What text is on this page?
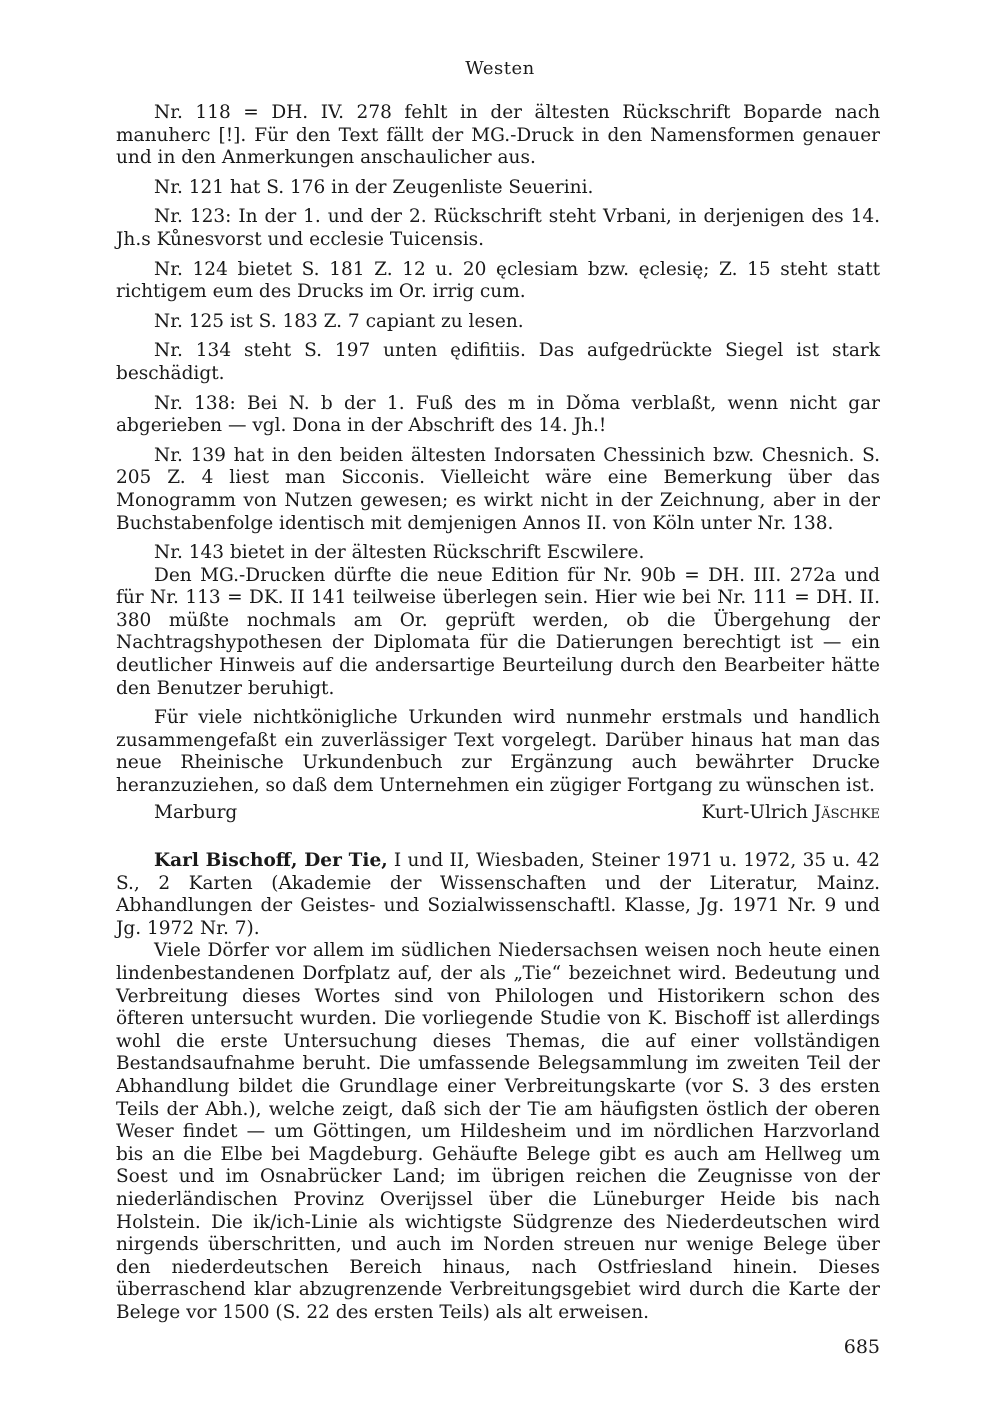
Westen

Nr. 118 = DH. IV. 278 fehlt in der ältesten Rückschrift Boparde nach manuherc [!]. Für den Text fällt der MG.-Druck in den Namensformen genauer und in den Anmerkungen anschaulicher aus.

Nr. 121 hat S. 176 in der Zeugenliste Seuerini.

Nr. 123: In der 1. und der 2. Rückschrift steht Vrbani, in derjenigen des 14. Jh.s Kůnesvorst und ecclesie Tuicensis.

Nr. 124 bietet S. 181 Z. 12 u. 20 ęclesiam bzw. ęclesię; Z. 15 steht statt richtigem eum des Drucks im Or. irrig cum.

Nr. 125 ist S. 183 Z. 7 capiant zu lesen.

Nr. 134 steht S. 197 unten ędifitiis. Das aufgedrückte Siegel ist stark beschädigt.

Nr. 138: Bei N. b der 1. Fuß des m in Dǒma verblaßt, wenn nicht gar abgerieben — vgl. Dona in der Abschrift des 14. Jh.!

Nr. 139 hat in den beiden ältesten Indorsaten Chessinich bzw. Chesnich. S. 205 Z. 4 liest man Sicconis. Vielleicht wäre eine Bemerkung über das Monogramm von Nutzen gewesen; es wirkt nicht in der Zeichnung, aber in der Buchstabenfolge identisch mit demjenigen Annos II. von Köln unter Nr. 138.

Nr. 143 bietet in der ältesten Rückschrift Escwilere.

Den MG.-Drucken dürfte die neue Edition für Nr. 90b = DH. III. 272a und für Nr. 113 = DK. II 141 teilweise überlegen sein. Hier wie bei Nr. 111 = DH. II. 380 müßte nochmals am Or. geprüft werden, ob die Übergehung der Nachtragshypothesen der Diplomata für die Datierungen berechtigt ist — ein deutlicher Hinweis auf die andersartige Beurteilung durch den Bearbeiter hätte den Benutzer beruhigt.

Für viele nichtkönigliche Urkunden wird nunmehr erstmals und handlich zusammengefaßt ein zuverlässiger Text vorgelegt. Darüber hinaus hat man das neue Rheinische Urkundenbuch zur Ergänzung auch bewährter Drucke heranzuziehen, so daß dem Unternehmen ein zügiger Fortgang zu wünschen ist.

Marburg	Kurt-Ulrich Jäschke

Karl Bischoff, Der Tie, I und II, Wiesbaden, Steiner 1971 u. 1972, 35 u. 42 S., 2 Karten (Akademie der Wissenschaften und der Literatur, Mainz. Abhandlungen der Geistes- und Sozialwissenschaftl. Klasse, Jg. 1971 Nr. 9 und Jg. 1972 Nr. 7).

Viele Dörfer vor allem im südlichen Niedersachsen weisen noch heute einen lindenbestandenen Dorfplatz auf, der als „Tie“ bezeichnet wird. Bedeutung und Verbreitung dieses Wortes sind von Philologen und Historikern schon des öfteren untersucht wurden. Die vorliegende Studie von K. Bischoff ist allerdings wohl die erste Untersuchung dieses Themas, die auf einer vollständigen Bestandsaufnahme beruht. Die umfassende Belegsammlung im zweiten Teil der Abhandlung bildet die Grundlage einer Verbreitungskarte (vor S. 3 des ersten Teils der Abh.), welche zeigt, daß sich der Tie am häufigsten östlich der oberen Weser findet — um Göttingen, um Hildesheim und im nördlichen Harzvorland bis an die Elbe bei Magdeburg. Gehäufte Belege gibt es auch am Hellweg um Soest und im Osnabrücker Land; im übrigen reichen die Zeugnisse von der niederländischen Provinz Overijssel über die Lüneburger Heide bis nach Holstein. Die ik/ich-Linie als wichtigste Südgrenze des Niederdeutschen wird nirgends überschritten, und auch im Norden streuen nur wenige Belege über den niederdeutschen Bereich hinaus, nach Ostfriesland hinein. Dieses überraschend klar abzugrenzende Verbreitungsgebiet wird durch die Karte der Belege vor 1500 (S. 22 des ersten Teils) als alt erweisen.

685
